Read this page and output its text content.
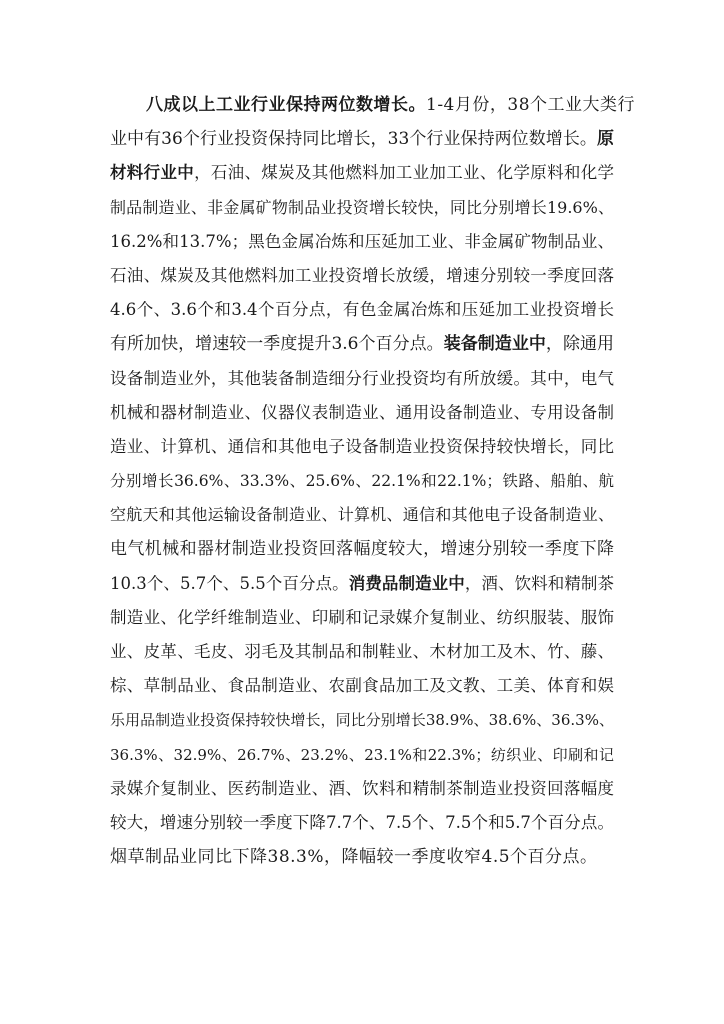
八成以上工业行业保持两位数增长。1-4月份，38个工业大类行
业中有36个行业投资保持同比增长，33个行业保持两位数增长。原
材料行业中，石油、煤炭及其他燃料加工业加工业、化学原料和化学
制品制造业、非金属矿物制品业投资增长较快，同比分别增长19.6%、
16.2%和13.7%；黑色金属冶炼和压延加工业、非金属矿物制品业、
石油、煤炭及其他燃料加工业投资增长放缓，增速分别较一季度回落
4.6个、3.6个和3.4个百分点，有色金属冶炼和压延加工业投资增长
有所加快，增速较一季度提升3.6个百分点。装备制造业中，除通用
设备制造业外，其他装备制造细分行业投资均有所放缓。其中，电气
机械和器材制造业、仪器仪表制造业、通用设备制造业、专用设备制
造业、计算机、通信和其他电子设备制造业投资保持较快增长，同比
分别增长36.6%、33.3%、25.6%、22.1%和22.1%；铁路、船舶、航
空航天和其他运输设备制造业、计算机、通信和其他电子设备制造业、
电气机械和器材制造业投资回落幅度较大，增速分别较一季度下降
10.3个、5.7个、5.5个百分点。消费品制造业中，酒、饮料和精制茶
制造业、化学纤维制造业、印刷和记录媒介复制业、纺织服装、服饰
业、皮革、毛皮、羽毛及其制品和制鞋业、木材加工及木、竹、藤、
棕、草制品业、食品制造业、农副食品加工及文教、工美、体育和娱
乐用品制造业投资保持较快增长，同比分别增长38.9%、38.6%、36.3%、
36.3%、32.9%、26.7%、23.2%、23.1%和22.3%；纺织业、印刷和记
录媒介复制业、医药制造业、酒、饮料和精制茶制造业投资回落幅度
较大，增速分别较一季度下降7.7个、7.5个、7.5个和5.7个百分点。
烟草制品业同比下降38.3%，降幅较一季度收窄4.5个百分点。
